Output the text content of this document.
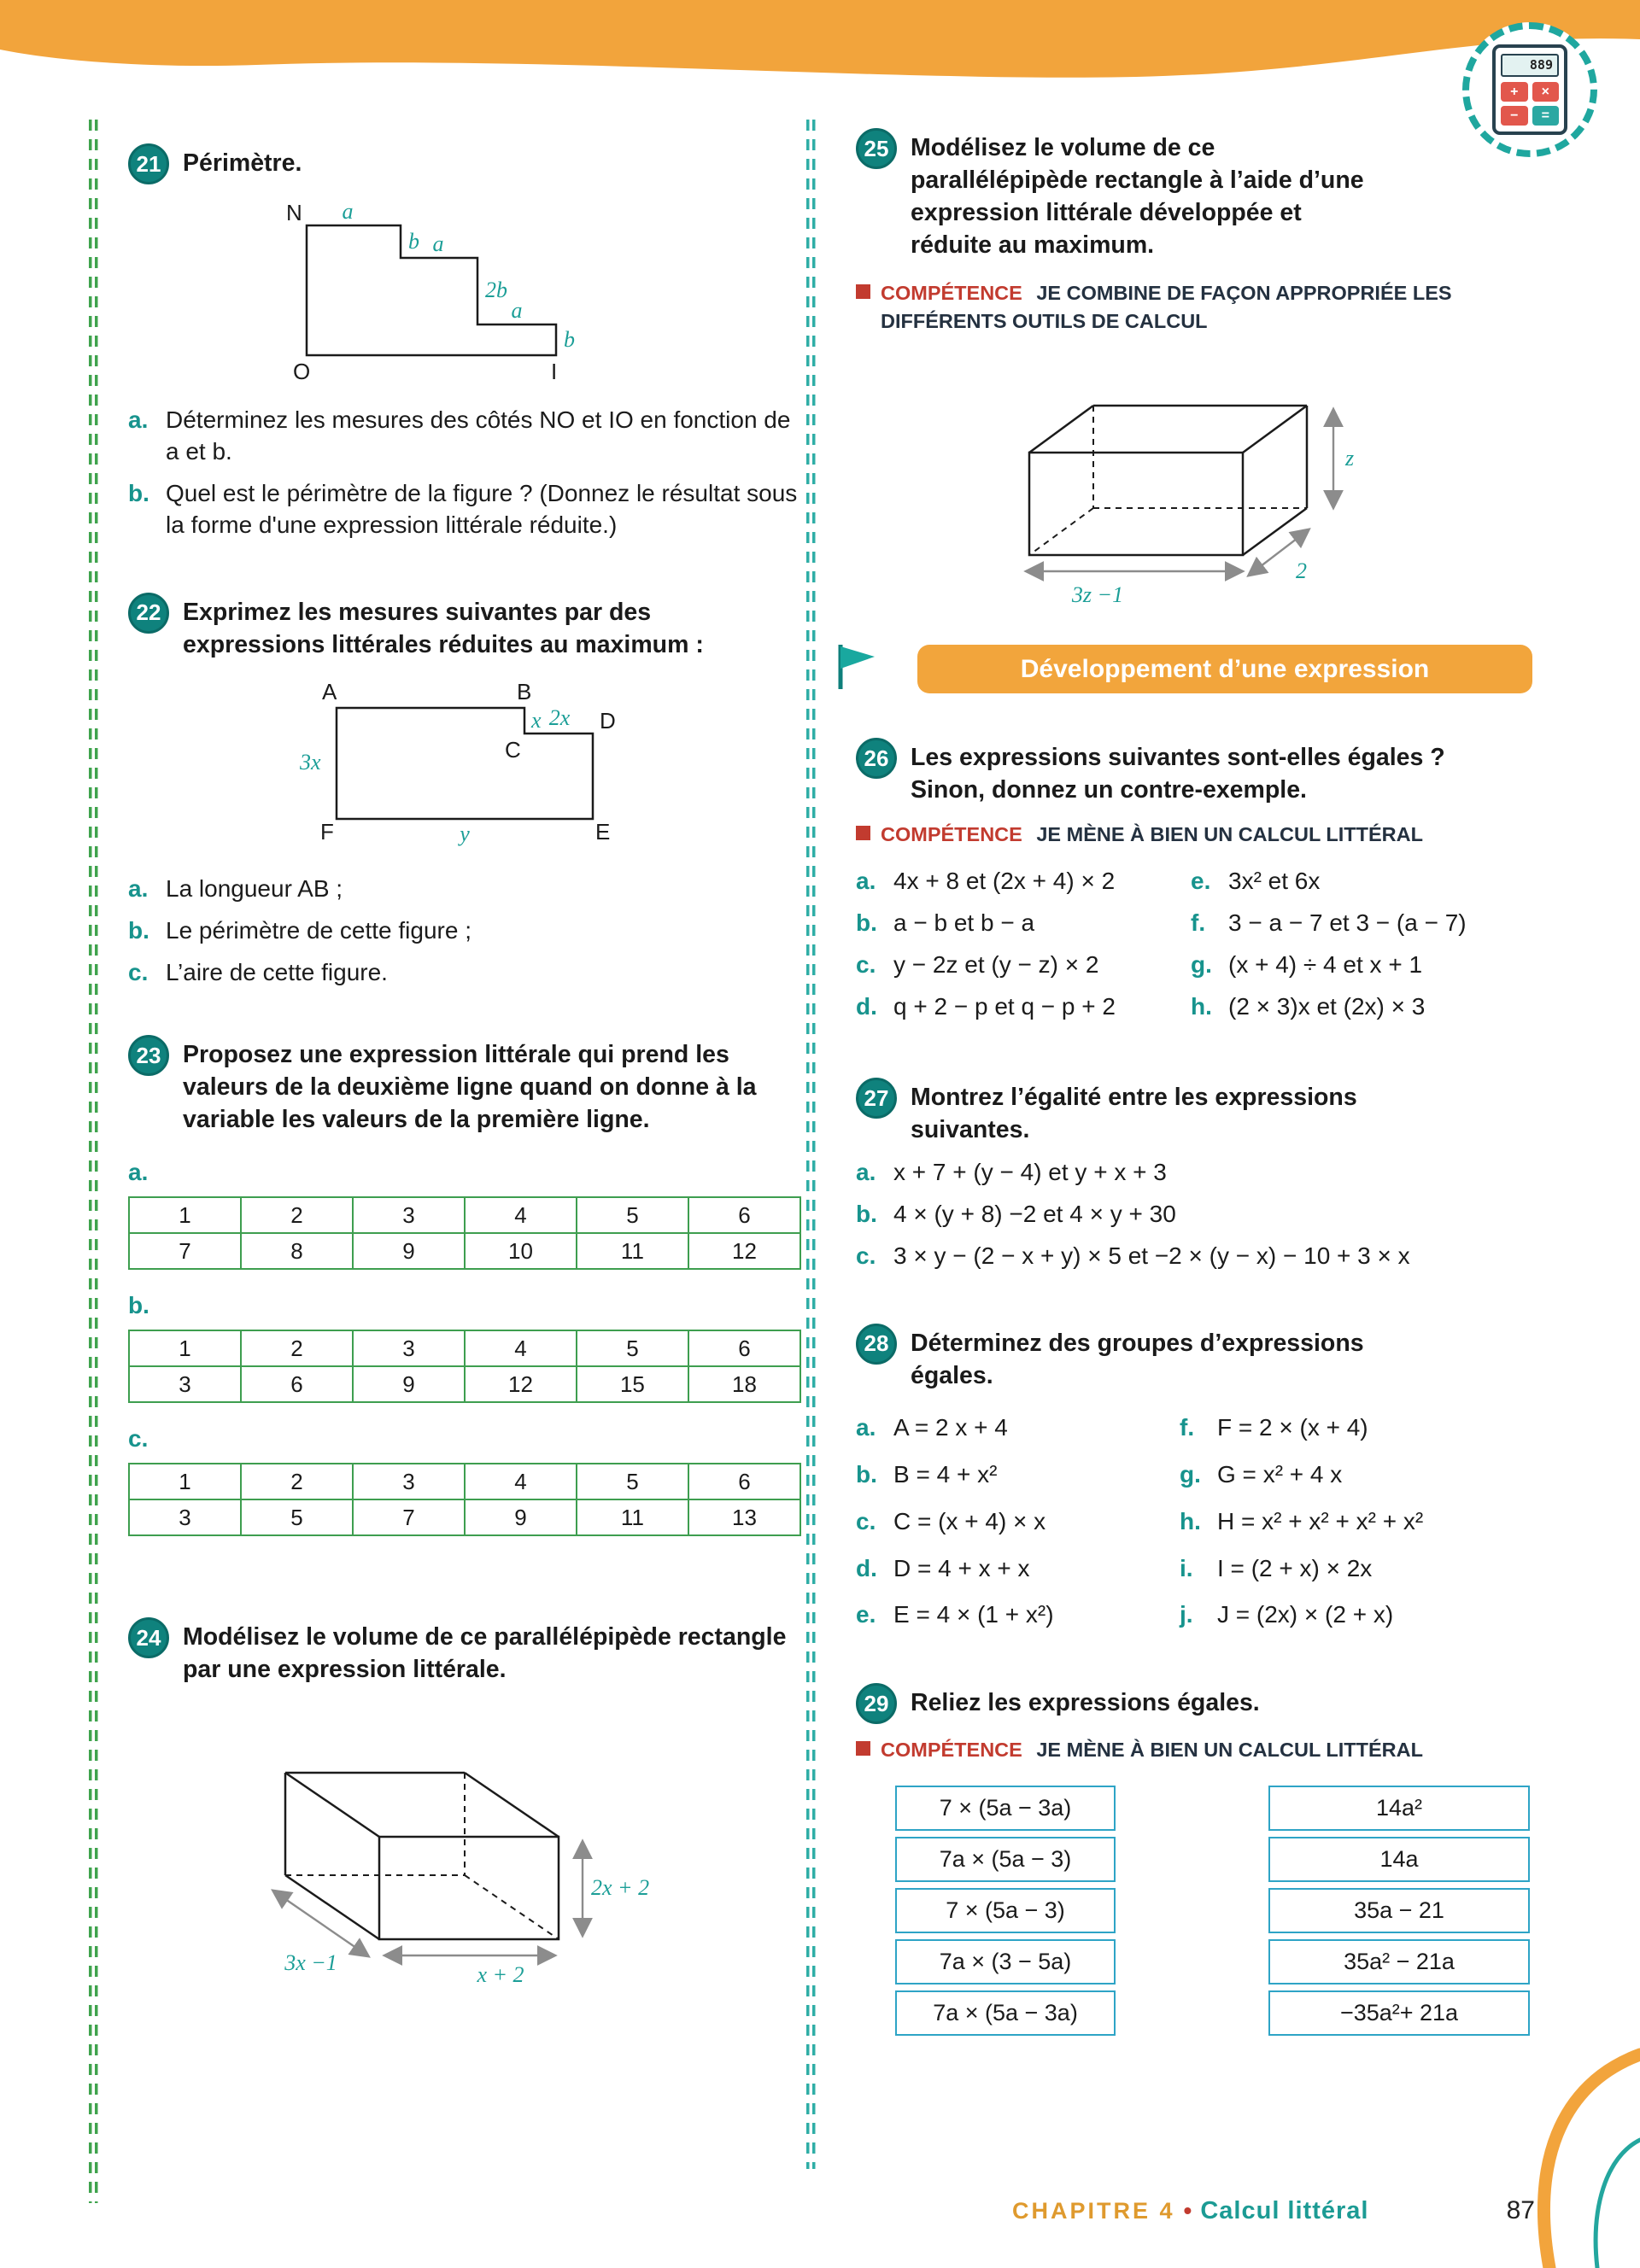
889
+	×
−	=
21 Périmètre.
N
O	I
a
b a
2b
a
b
a. Déterminez les mesures des côtés NO et IO en fonction de a et b.
b. Quel est le périmètre de la figure ? (Donnez le résultat sous la forme d'une expression littérale réduite.)
22 Exprimez les mesures suivantes par des expressions littérales réduites au maximum :
A	B
C
D
E
F
x 2x
3x
y
a. La longueur AB ;
b. Le périmètre de cette figure ;
c. L’aire de cette figure.
23 Proposez une expression littérale qui prend les valeurs de la deuxième ligne quand on donne à la variable les valeurs de la première ligne.
a.
1	2	3	4	5	6
7	8	9	10	11	12
b.
1	2	3	4	5	6
3	6	9	12	15	18
c.
1	2	3	4	5	6
3	5	7	9	11	13
24 Modélisez le volume de ce parallélépipède rectangle par une expression littérale.
2x + 2
3x −1	x + 2
25 Modélisez le volume de ce parallélépipède rectangle à l’aide d’une expression littérale développée et réduite au maximum.

COMPÉTENCE JE COMBINE DE FAÇON APPROPRIÉE LES DIFFÉRENTS OUTILS DE CALCUL

z
3z −1
2
Développement d’une expression
26 Les expressions suivantes sont-elles égales ? Sinon, donnez un contre-exemple.

COMPÉTENCE JE MÈNE À BIEN UN CALCUL LITTÉRAL

a. 4x + 8 et (2x + 4) × 2	e. 3x² et 6x
b. a − b et b − a	f. 3 − a − 7 et 3 − (a − 7)
c. y − 2z et (y − z) × 2	g. (x + 4) ÷ 4 et x + 1
d. q + 2 − p et q − p + 2	h. (2 × 3)x et (2x) × 3
27 Montrez l’égalité entre les expressions suivantes.
a. x + 7 + (y − 4) et y + x + 3
b. 4 × (y + 8) −2 et 4 × y + 30
c. 3 × y − (2 − x + y) × 5 et −2 × (y − x) − 10 + 3 × x
28 Déterminez des groupes d’expressions égales.
a. A = 2 x + 4	f. F = 2 × (x + 4)
b. B = 4 + x²	g. G = x² + 4 x
c. C = (x + 4) × x	h. H = x² + x² + x² + x²
d. D = 4 + x + x	i.	I = (2 + x) × 2x
e. E = 4 × (1 + x²)	j.	J = (2x) × (2 + x)
29 Reliez les expressions égales.

COMPÉTENCE JE MÈNE À BIEN UN CALCUL LITTÉRAL

7 × (5a − 3a)
7a × (5a − 3)
7 × (5a − 3)
7a × (3 − 5a)
7a × (5a − 3a)
14a²
14a
35a − 21
35a² − 21a
−35a²+ 21a
CHAPITRE 4 • Calcul littéral	87
